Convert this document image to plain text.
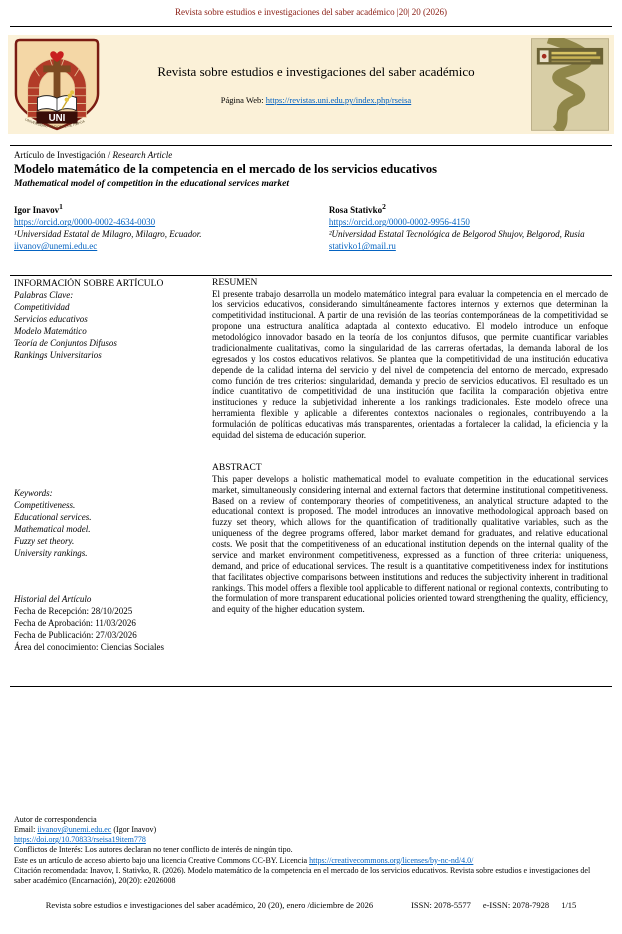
Revista sobre estudios e investigaciones del saber académico |20| 20 (2026)
UNI
UNIVERSIDAD NACIONAL DE ITAPÚA
Revista sobre estudios e investigaciones del saber académico
Página Web: https://revistas.uni.edu.py/index.php/rseisa
Artículo de Investigación / Research Article
Modelo matemático de la competencia en el mercado de los servicios educativos
Mathematical model of competition in the educational services market
Igor Inavov$^1$
https://orcid.org/0000-0002-4634-0030
¹Universidad Estatal de Milagro, Milagro, Ecuador.
iivanov@unemi.edu.ec
Rosa Stativko$^2$
https://orcid.org/0000-0002-9956-4150
²Universidad Estatal Tecnológica de Belgorod Shujov, Belgorod, Rusia
stativko1@mail.ru
INFORMACIÓN SOBRE ARTÍCULO
Palabras Clave:
Competitividad
Servicios educativos
Modelo Matemático
Teoría de Conjuntos Difusos
Rankings Universitarios
Keywords:
Competitiveness.
Educational services.
Mathematical model.
Fuzzy set theory.
University rankings.
Historial del Artículo
Fecha de Recepción: 28/10/2025
Fecha de Aprobación: 11/03/2026
Fecha de Publicación: 27/03/2026
Área del conocimiento: Ciencias Sociales
RESUMEN

El presente trabajo desarrolla un modelo matemático integral para evaluar la competencia en el mercado de los servicios educativos, considerando simultáneamente factores internos y externos que determinan la competitividad institucional. A partir de una revisión de las teorías contemporáneas de la competitividad se propone una estructura analítica adaptada al contexto educativo. El modelo introduce un enfoque metodológico innovador basado en la teoría de los conjuntos difusos, que permite cuantificar variables tradicionalmente cualitativas, como la singularidad de las carreras ofertadas, la demanda laboral de los egresados y los costos educativos relativos. Se plantea que la competitividad de una institución educativa depende de la calidad interna del servicio y del nivel de competencia del entorno de mercado, expresado como función de tres criterios: singularidad, demanda y precio de servicios educativos. El resultado es un índice cuantitativo de competitividad de una institución que facilita la comparación objetiva entre instituciones y reduce la subjetividad inherente a los rankings tradicionales. Este modelo ofrece una herramienta flexible y aplicable a diferentes contextos nacionales o regionales, contribuyendo a la formulación de políticas educativas más transparentes, orientadas a fortalecer la calidad, la eficiencia y la equidad del sistema de educación superior.

ABSTRACT

This paper develops a holistic mathematical model to evaluate competition in the educational services market, simultaneously considering internal and external factors that determine institutional competitiveness. Based on a review of contemporary theories of competitiveness, an analytical structure adapted to the educational context is proposed. The model introduces an innovative methodological approach based on fuzzy set theory, which allows for the quantification of traditionally qualitative variables, such as the uniqueness of the degree programs offered, labor market demand for graduates, and relative educational costs. We posit that the competitiveness of an educational institution depends on the internal quality of the service and market environment competitiveness, expressed as a function of three criteria: uniqueness, demand, and price of educational services. The result is a quantitative competitiveness index for institutions that facilitates objective comparisons between institutions and reduces the subjectivity inherent in traditional rankings. This model offers a flexible tool applicable to different national or regional contexts, contributing to the formulation of more transparent educational policies oriented toward strengthening the quality, efficiency, and equity of the higher education system.

Autor de correspondencia
Email: iivanov@unemi.edu.ec (Igor Inavov)
https://doi.org/10.70833/rseisa19item778
Conflictos de Interés: Los autores declaran no tener conflicto de interés de ningún tipo.
Este es un artículo de acceso abierto bajo una licencia Creative Commons CC-BY. Licencia https://creativecommons.org/licenses/by-nc-nd/4.0/
Citación recomendada: Inavov, I. Stativko, R. (2026). Modelo matemático de la competencia en el mercado de los servicios educativos. Revista sobre estudios e investigaciones del saber académico (Encarnación), 20(20): e2026008
Revista sobre estudios e investigaciones del saber académico, 20 (20), enero /diciembre de 2026	ISSN: 2078-5577 e-ISSN: 2078-7928 1/15
